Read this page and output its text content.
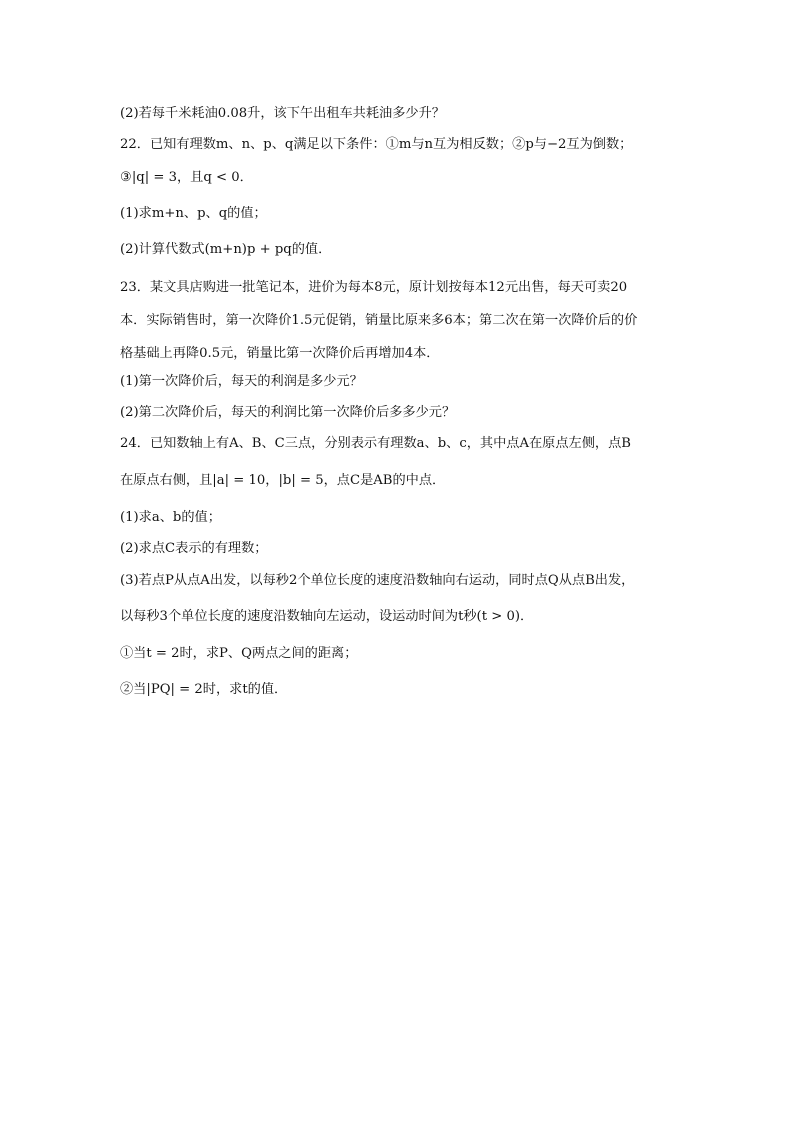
(2)若每千米耗油0.08升，该下午出租车共耗油多少升？
22．已知有理数m、n、p、q满足以下条件：①m与n互为相反数；②p与−2互为倒数；
③|q| = 3，且q < 0．
(1)求m+n、p、q的值；
(2)计算代数式(m+n)p + pq的值．
23．某文具店购进一批笔记本，进价为每本8元，原计划按每本12元出售，每天可卖20
本．实际销售时，第一次降价1.5元促销，销量比原来多6本；第二次在第一次降价后的价
格基础上再降0.5元，销量比第一次降价后再增加4本．
(1)第一次降价后，每天的利润是多少元？
(2)第二次降价后，每天的利润比第一次降价后多多少元？
24．已知数轴上有A、B、C三点，分别表示有理数a、b、c，其中点A在原点左侧，点B
在原点右侧，且|a| = 10，|b| = 5，点C是AB的中点．
(1)求a、b的值；
(2)求点C表示的有理数；
(3)若点P从点A出发，以每秒2个单位长度的速度沿数轴向右运动，同时点Q从点B出发，
以每秒3个单位长度的速度沿数轴向左运动，设运动时间为t秒(t > 0)．
①当t = 2时，求P、Q两点之间的距离；
②当|PQ| = 2时，求t的值．
